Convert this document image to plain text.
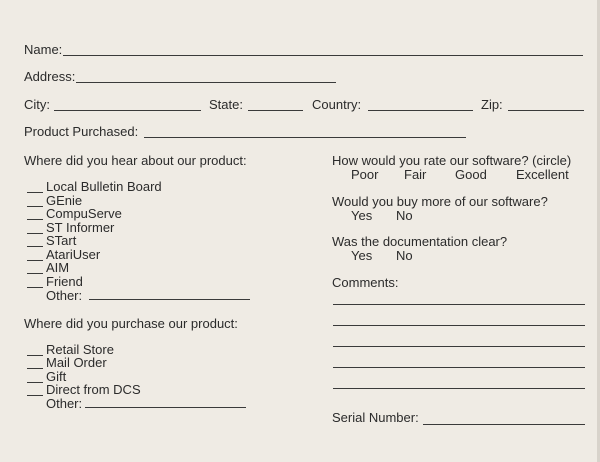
Name:
Address:
City:	State:	Country:	Zip:
Product Purchased:
Where did you hear about our product:
Local Bulletin Board
GEnie
CompuServe
ST Informer
STart
AtariUser
AIM
Friend
Other:
Where did you purchase our product:
Retail Store
Mail Order
Gift
Direct from DCS
Other:
How would you rate our software? (circle)
Poor Fair Good Excellent
Would you buy more of our software?
Yes No
Was the documentation clear?
Yes No
Comments:
Serial Number:
